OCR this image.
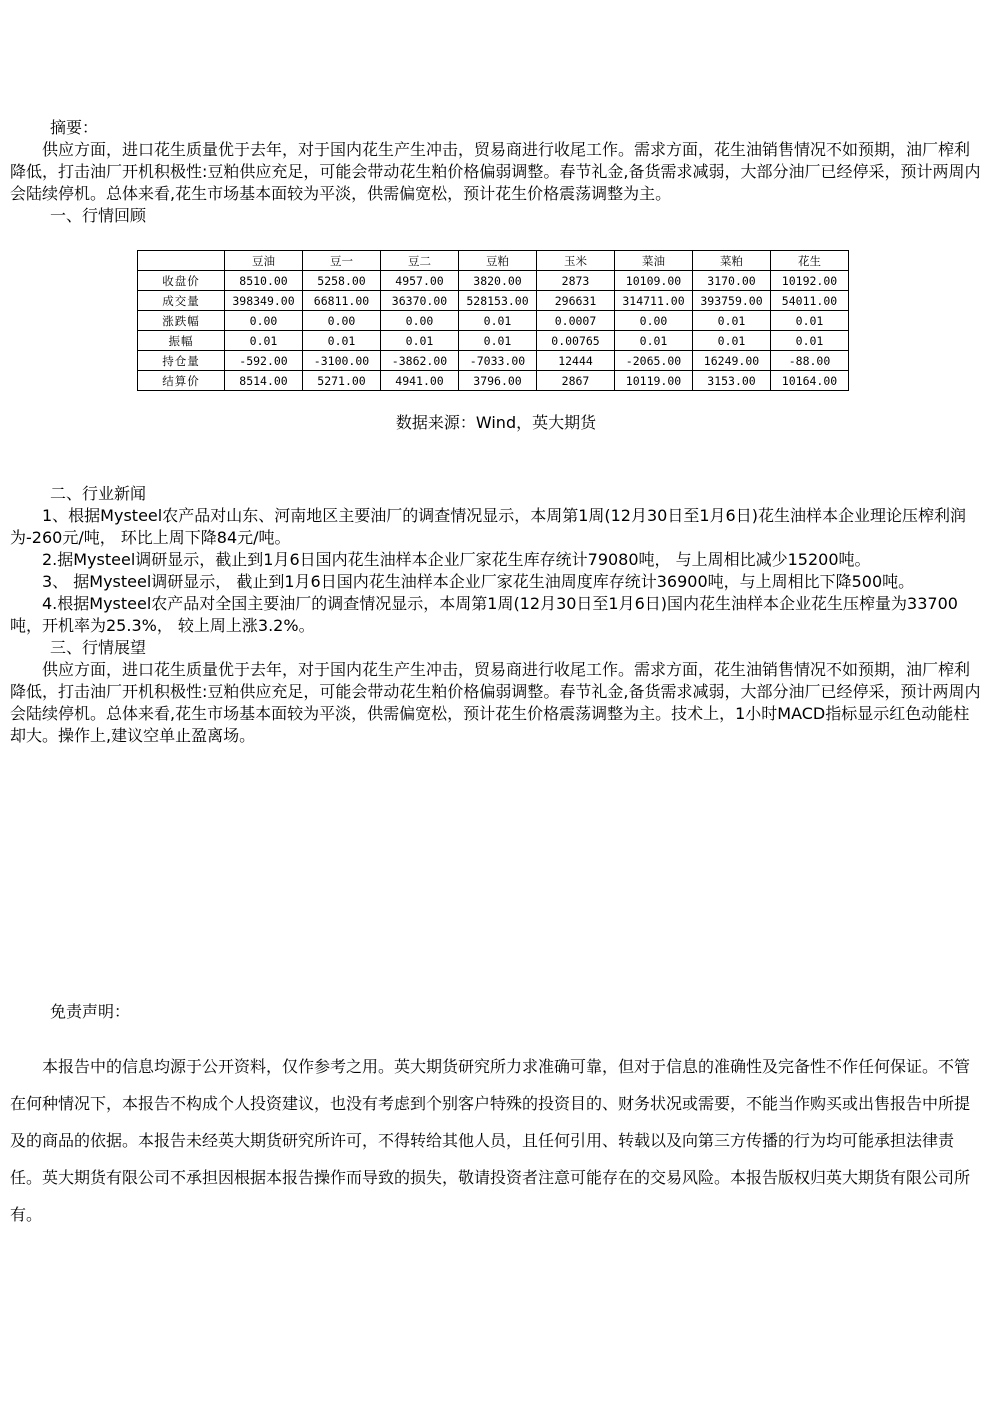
摘要：

供应方面，进口花生质量优于去年，对于国内花生产生冲击，贸易商进行收尾工作。需求方面，花生油销售情况不如预期，油厂榨利降低，打击油厂开机积极性:豆粕供应充足，可能会带动花生粕价格偏弱调整。春节礼金,备货需求减弱，大部分油厂已经停采，预计两周内会陆续停机。总体来看,花生市场基本面较为平淡，供需偏宽松，预计花生价格震荡调整为主。

一、行情回顾

	豆油	豆一	豆二	豆粕	玉米	菜油	菜粕	花生
收盘价	8510.00	5258.00	4957.00	3820.00	2873	10109.00	3170.00	10192.00
成交量	398349.00	66811.00	36370.00	528153.00	296631	314711.00	393759.00	54011.00
涨跌幅	0.00	0.00	0.00	0.01	0.0007	0.00	0.01	0.01
振幅	0.01	0.01	0.01	0.01	0.00765	0.01	0.01	0.01
持仓量	-592.00	-3100.00	-3862.00	-7033.00	12444	-2065.00	16249.00	-88.00
结算价	8514.00	5271.00	4941.00	3796.00	2867	10119.00	3153.00	10164.00
数据来源：Wind，英大期货

二、行业新闻

1、根据Mysteel农产品对山东、河南地区主要油厂的调查情况显示，本周第1周(12月30日至1月6日)花生油样本企业理论压榨利润为-260元/吨， 环比上周下降84元/吨。

2.据Mysteel调研显示，截止到1月6日国内花生油样本企业厂家花生库存统计79080吨， 与上周相比减少15200吨。

3、 据Mysteel调研显示， 截止到1月6日国内花生油样本企业厂家花生油周度库存统计36900吨，与上周相比下降500吨。

4.根据Mysteel农产品对全国主要油厂的调查情况显示，本周第1周(12月30日至1月6日)国内花生油样本企业花生压榨量为33700吨，开机率为25.3%， 较上周上涨3.2%。

三、行情展望

供应方面，进口花生质量优于去年，对于国内花生产生冲击，贸易商进行收尾工作。需求方面，花生油销售情况不如预期，油厂榨利降低，打击油厂开机积极性:豆粕供应充足，可能会带动花生粕价格偏弱调整。春节礼金,备货需求减弱，大部分油厂已经停采，预计两周内会陆续停机。总体来看,花生市场基本面较为平淡，供需偏宽松，预计花生价格震荡调整为主。技术上，1小时MACD指标显示红色动能柱却大。操作上,建议空单止盈离场。

免责声明：

本报告中的信息均源于公开资料，仅作参考之用。英大期货研究所力求准确可靠，但对于信息的准确性及完备性不作任何保证。不管在何种情况下，本报告不构成个人投资建议，也没有考虑到个别客户特殊的投资目的、财务状况或需要，不能当作购买或出售报告中所提及的商品的依据。本报告未经英大期货研究所许可，不得转给其他人员，且任何引用、转载以及向第三方传播的行为均可能承担法律责任。英大期货有限公司不承担因根据本报告操作而导致的损失，敬请投资者注意可能存在的交易风险。本报告版权归英大期货有限公司所有。
